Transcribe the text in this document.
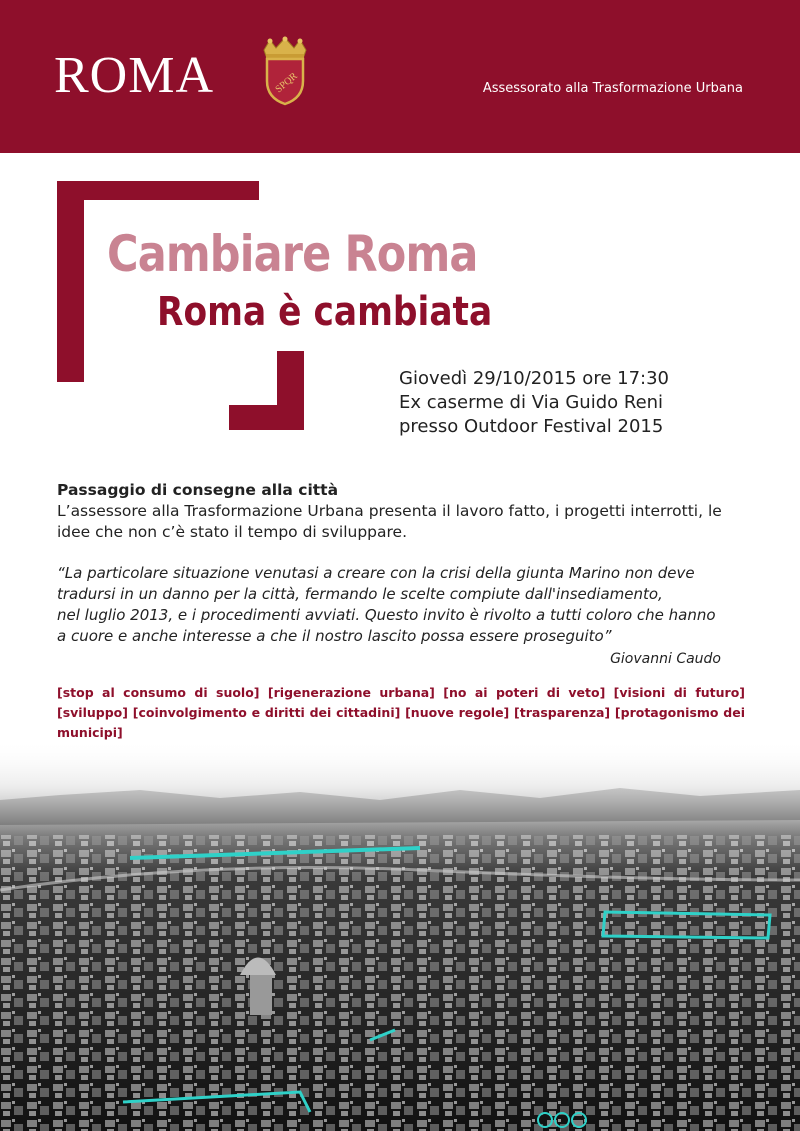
ROMA	SPQR	Assessorato alla Trasformazione Urbana
Cambiare Roma
Roma è cambiata
Giovedì 29/10/2015 ore 17:30
Ex caserme di Via Guido Reni
presso Outdoor Festival 2015
Passaggio di consegne alla città
L’assessore alla Trasformazione Urbana presenta il lavoro fatto, i progetti interrotti, le idee che non c’è stato il tempo di sviluppare.
“La particolare situazione venutasi a creare con la crisi della giunta Marino non deve
tradursi in un danno per la città, fermando le scelte compiute dall'insediamento,
nel luglio 2013, e i procedimenti avviati. Questo invito è rivolto a tutti coloro che hanno
a cuore e anche interesse a che il nostro lascito possa essere proseguito”
Giovanni Caudo
[stop al consumo di suolo] [rigenerazione urbana] [no ai poteri di veto] [visioni di futuro] [sviluppo] [coinvolgimento e diritti dei cittadini] [nuove regole] [trasparenza] [protagonismo dei municipi]
